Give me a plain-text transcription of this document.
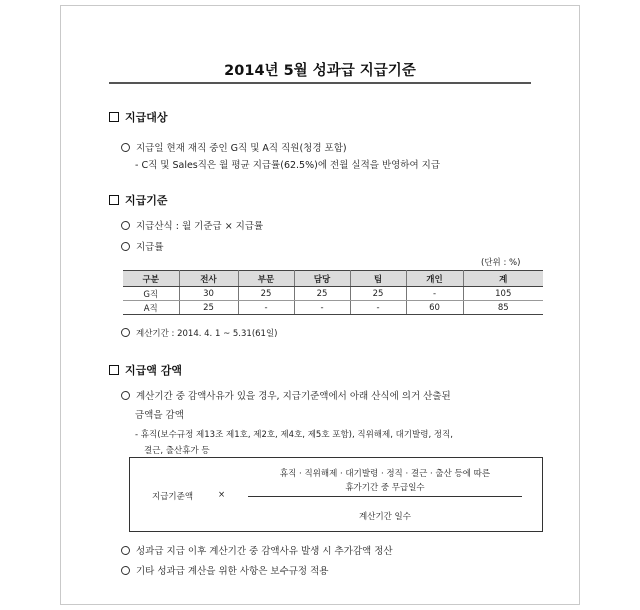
2014년 5월 성과급 지급기준
지급대상
지급일 현재 재직 중인 G직 및 A직 직원(청경 포함)
- C직 및 Sales직은 월 평균 지급률(62.5%)에 전월 실적을 반영하여 지급
지급기준
지급산식 : 월 기준급 × 지급률
지급률
(단위 : %)
구분	전사	부문	담당	팀	개인	계
G직	30	25	25	25	-	105
A직	25	-	-	-	60	85
계산기간 : 2014. 4. 1 ~ 5.31(61일)
지급액 감액
계산기간 중 감액사유가 있을 경우, 지급기준액에서 아래 산식에 의거 산출된
금액을 감액
- 휴직(보수규정 제13조 제1호, 제2호, 제4호, 제5호 포함), 직위해제, 대기발령, 정직,
결근, 출산휴가 등
지급기준액	×
휴직 · 직위해제 · 대기발령 · 정직 · 결근 · 출산 등에 따른
휴가기간 중 무급일수
계산기간 일수
성과급 지급 이후 계산기간 중 감액사유 발생 시 추가감액 정산
기타 성과급 계산을 위한 사항은 보수규정 적용
